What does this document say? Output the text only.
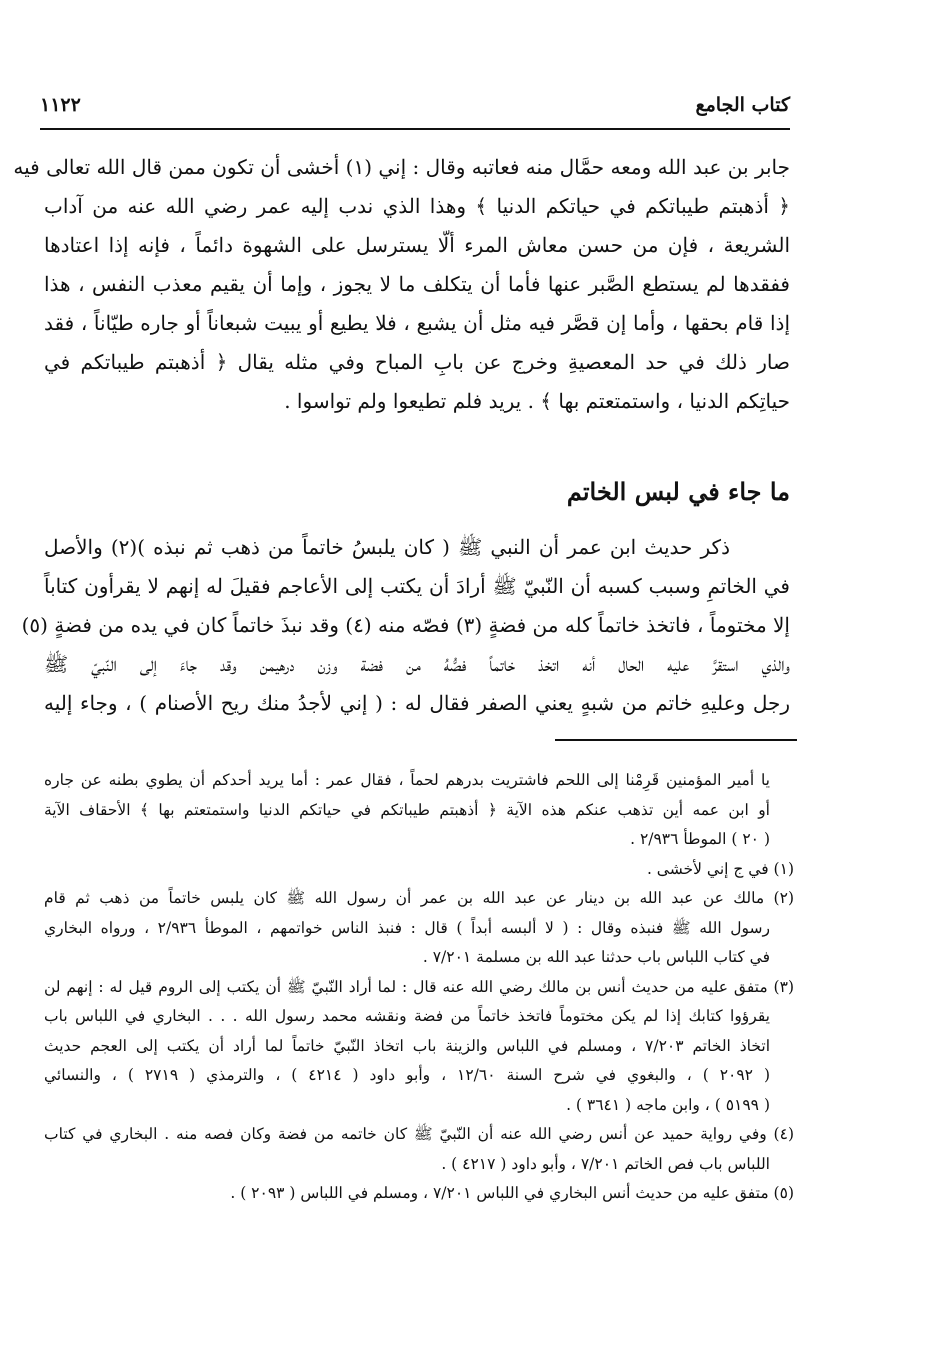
كتاب الجامع
١١٢٢
جابر بن عبد الله ومعه حمَّال منه فعاتبه وقال : إني (١) أخشى أن تكون ممن قال الله تعالى فيه
﴿ أذهبتم طيباتكم في حياتكم الدنيا ﴾ وهذا الذي ندب إليه عمر رضي الله عنه من آداب
الشريعة ، فإن من حسن معاش المرء ألّا يسترسل على الشهوة دائماً ، فإنه إذا اعتادها
ففقدها لم يستطع الصَّبر عنها فأما أن يتكلف ما لا يجوز ، وإما أن يقيم معذب النفس ، هذا
إذا قام بحقها ، وأما إن قصَّر فيه مثل أن يشبع ، فلا يطيع أو يبيت شبعاناً أو جاره طيّاناً ، فقد
صار ذلك في حد المعصيةِ وخرج عن بابِ المباح وفي مثله يقال ﴿ أذهبتم طيباتكم في
حياتِكم الدنيا ، واستمتعتم بها ﴾ . يريد فلم تطيعوا ولم تواسوا .
ما جاء في لبس الخاتم
ذكر حديث ابن عمر أن النبي ﷺ ( كان يلبسُ خاتماً من ذهب ثم نبذه )(٢) والأصل
في الخاتمِ وسبب كسبه أن النّبيّ ﷺ أرادَ أن يكتب إلى الأعاجم فقيلَ له إنهم لا يقرأون كتاباً
إلا مختوماً ، فاتخذ خاتماً كله من فضةٍ (٣) فصّه منه (٤) وقد نبذَ خاتماً كان في يده من فضةٍ (٥)
والذي استقرَّ عليه الحال أنه اتخذ خاتماً فصُّهُ من فضة وزن درهيمن وقد جاءَ إلى النّبيّ ﷺ
رجل وعليهِ خاتم من شبهٍ يعني الصفر فقال له : ( إني لأجدُ منك ريح الأصنام ) ، وجاء إليه
يا أمير المؤمنين قَرِمْنا إلى اللحم فاشتريت بدرهم لحماً ، فقال عمر : أما يريد أحدكم أن يطوي بطنه عن جاره
أو ابن عمه أين تذهب عنكم هذه الآية ﴿ أذهبتم طيباتكم في حياتكم الدنيا واستمتعتم بها ﴾ الأحقاف الآية
( ٢٠ ) الموطأ ٢/٩٣٦ .
(١) في ج إني لأخشى .
(٢) مالك عن عبد الله بن دينار عن عبد الله بن عمر أن رسول الله ﷺ كان يلبس خاتماً من ذهب ثم قام
رسول الله ﷺ فنبذه وقال : ( لا ألبسه أبداً ) قال : فنبذ الناس خواتمهم ، الموطأ ٢/٩٣٦ ، ورواه البخاري
في كتاب اللباس باب حدثنا عبد الله بن مسلمة ٧/٢٠١ .
(٣) متفق عليه من حديث أنس بن مالك رضي الله عنه قال : لما أراد النّبيّ ﷺ أن يكتب إلى الروم قيل له : إنهم لن
يقرؤوا كتابك إذا لم يكن مختوماً فاتخذ خاتماً من فضة ونقشه محمد رسول الله . . . البخاري في اللباس باب
اتخاذ الخاتم ٧/٢٠٣ ، ومسلم في اللباس والزينة باب اتخاذ النّبيّ خاتماً لما أراد أن يكتب إلى العجم حديث
( ٢٠٩٢ ) ، والبغوي في شرح السنة ١٢/٦٠ ، وأبو داود ( ٤٢١٤ ) ، والترمذي ( ٢٧١٩ ) ، والنسائي
( ٥١٩٩ ) ، وابن ماجه ( ٣٦٤١ ) .
(٤) وفي رواية حميد عن أنس رضي الله عنه أن النّبيّ ﷺ كان خاتمه من فضة وكان فصه منه . البخاري في كتاب
اللباس باب فص الخاتم ٧/٢٠١ ، وأبو داود ( ٤٢١٧ ) .
(٥) متفق عليه من حديث أنس البخاري في اللباس ٧/٢٠١ ، ومسلم في اللباس ( ٢٠٩٣ ) .
